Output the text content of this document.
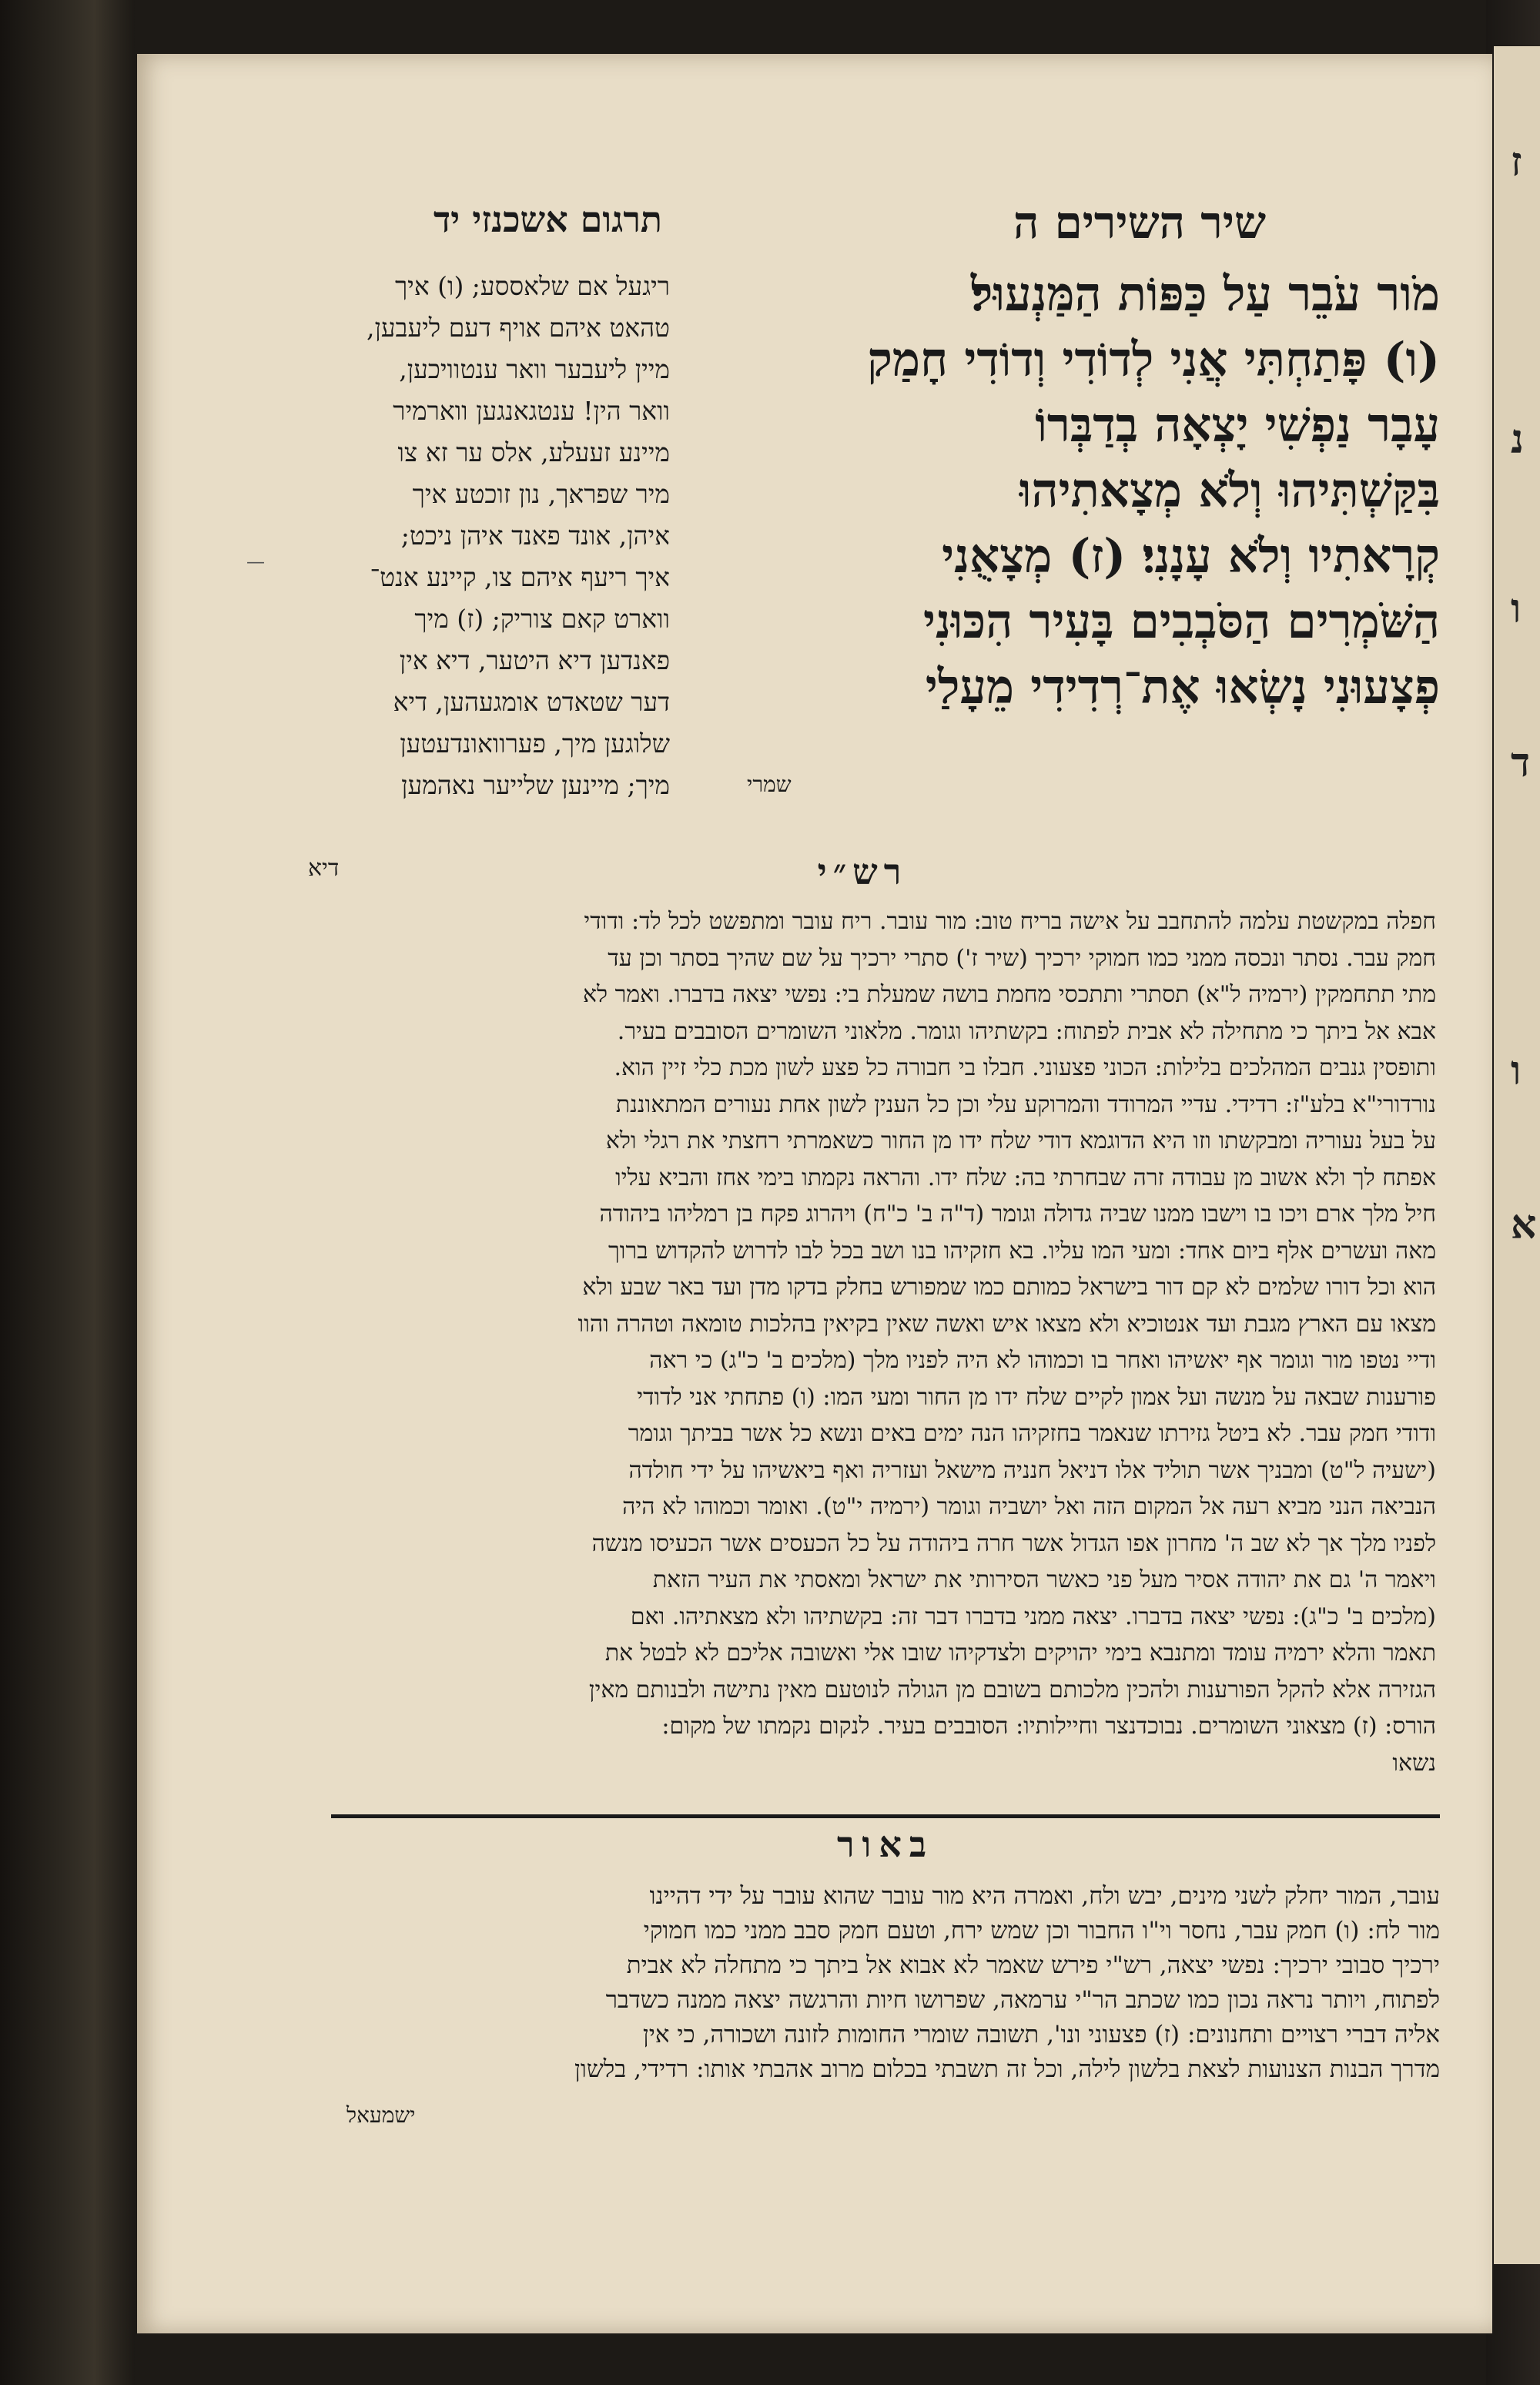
ז
נ
ו
ד
ו
א
שיר השירים ה
תרגום אשכנזי יד
מֹור עֹבֵר עַל כַּפּוֹת הַמַּנְעוּל׃
(ו) פָּתַחְתִּי אֲנִי לְדוֹדִי וְדוֹדִי חָמַק
עָבָר נַפְשִׁי יָצְאָה בְדַבְּרוֹ
בִּקַּשְׁתִּיהוּ וְלֹא מְצָאתִיהוּ
קְרָאתִיו וְלֹא עָנָנִי׃ (ז) מְצָאֻנִי
הַשֹּׁמְרִים הַסֹּבְבִים בָּעִיר הִכּוּנִי
פְצָעוּנִי נָשְׂאוּ אֶת־רְדִידִי מֵעָלַי
שמרי
ריגעל אם שלאססע; (ו) איך
טהאט איהם אויף דעם ליעבען,
מיין ליעבער וואר ענטוויכען,
וואר הין! ענטגאנגען ווארמיר
מיינע זעעלע, אלס ער זא צו
מיר שפראך, נון זוכטע איך
איהן, אונד פאנד איהן ניכט;
איך ריעף איהם צו, קיינע אנט־
ווארט קאם צוריק; (ז) מיך
פאנדען דיא היטער, דיא אין
דער שטאדט אומגעהען, דיא
שלוגען מיך, פערוואונדעטען
מיך; מיינען שלייער נאהמען
דיא
—
רש״י
חפלה במקשטת עלמה להתחבב על אישה בריח טוב: מור עובר. ריח עובר ומתפשט לכל לד: ודודי
חמק עבר. נסתר ונכסה ממני כמו חמוקי ירכיך (שיר ז') סתרי ירכיך על שם שהיך בסתר וכן עד
מתי תתחמקין (ירמיה ל"א) תסתרי ותתכסי מחמת בושה שמעלת בי: נפשי יצאה בדברו. ואמר לא
אבא אל ביתך כי מתחילה לא אבית לפתוח: בקשתיהו וגומר. מלאוני השומרים הסובבים בעיר.
ותופסין גנבים המהלכים בלילות: הכוני פצעוני. חבלו בי חבורה כל פצע לשון מכת כלי זיין הוא.
נורדורי"א בלע"ז: רדידי. עדיי המרודד והמרוקע עלי וכן כל הענין לשון אחת נעורים המתאוננת
על בעל נעוריה ומבקשתו וזו היא הדוגמא דודי שלח ידו מן החור כשאמרתי רחצתי את רגלי ולא
אפתח לך ולא אשוב מן עבודה זרה שבחרתי בה: שלח ידו. והראה נקמתו בימי אחז והביא עליו
חיל מלך ארם ויכו בו וישבו ממנו שביה גדולה וגומר (ד"ה ב' כ"ח) ויהרוג פקח בן רמליהו ביהודה
מאה ועשרים אלף ביום אחד: ומעי המו עליו. בא חזקיהו בנו ושב בכל לבו לדרוש להקדוש ברוך
הוא וכל דורו שלמים לא קם דור בישראל כמותם כמו שמפורש בחלק בדקו מדן ועד באר שבע ולא
מצאו עם הארץ מגבת ועד אנטוכיא ולא מצאו איש ואשה שאין בקיאין בהלכות טומאה וטהרה והוו
ודיי נטפו מור וגומר אף יאשיהו ואחר בו וכמוהו לא היה לפניו מלך (מלכים ב' כ"ג) כי ראה
פורענות שבאה על מנשה ועל אמון לקיים שלח ידו מן החור ומעי המו: (ו) פתחתי אני לדודי
ודודי חמק עבר. לא ביטל גזירתו שנאמר בחזקיהו הנה ימים באים ונשא כל אשר בביתך וגומר
(ישעיה ל"ט) ומבניך אשר תוליד אלו דניאל חנניה מישאל ועזריה ואף ביאשיהו על ידי חולדה
הנביאה הנני מביא רעה אל המקום הזה ואל יושביה וגומר (ירמיה י"ט). ואומר וכמוהו לא היה
לפניו מלך אך לא שב ה' מחרון אפו הגדול אשר חרה ביהודה על כל הכעסים אשר הכעיסו מנשה
ויאמר ה' גם את יהודה אסיר מעל פני כאשר הסירותי את ישראל ומאסתי את העיר הזאת
(מלכים ב' כ"ג): נפשי יצאה בדברו. יצאה ממני בדברו דבר זה: בקשתיהו ולא מצאתיהו. ואם
תאמר והלא ירמיה עומד ומתנבא בימי יהויקים ולצדקיהו שובו אלי ואשובה אליכם לא לבטל את
הגזירה אלא להקל הפורענות ולהכין מלכותם בשובם מן הגולה לנוטעם מאין נתישה ולבנותם מאין
הורס: (ז) מצאוני השומרים. נבוכדנצר וחיילותיו: הסובבים בעיר. לנקום נקמתו של מקום:
נשאו
באור
עובר, המור יחלק לשני מינים, יבש ולח, ואמרה היא מור עובר שהוא עובר על ידי דהיינו
מור לח: (ו) חמק עבר, נחסר וי"ו החבור וכן שמש ירח, וטעם חמק סבב ממני כמו חמוקי
ירכיך סבובי ירכיך: נפשי יצאה, רש"י פירש שאמר לא אבוא אל ביתך כי מתחלה לא אבית
לפתוח, ויותר נראה נכון כמו שכתב הר"י ערמאה, שפרושו חיות והרגשה יצאה ממנה כשדבר
אליה דברי רצויים ותחנונים: (ז) פצעוני ונו', תשובה שומרי החומות לזונה ושכורה, כי אין
מדרך הבנות הצנועות לצאת בלשון לילה, וכל זה תשבתי בכלום מרוב אהבתי אותו: רדידי, בלשון
ישמעאל
